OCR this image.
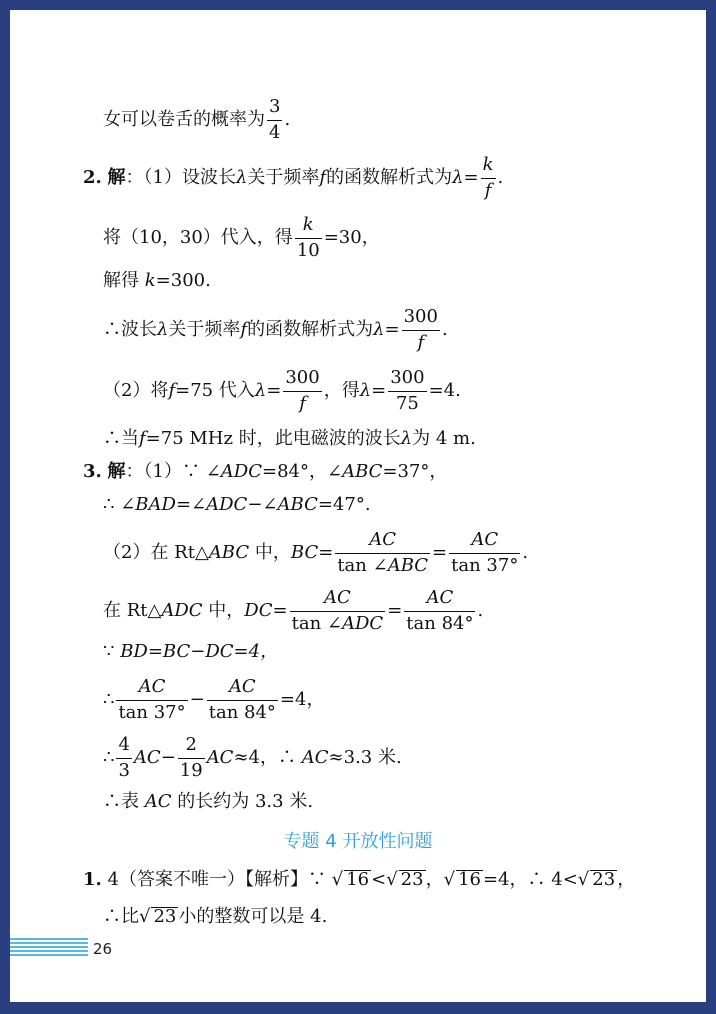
女可以卷舌的概率为 $\frac{3}{4}$ .
2. 解：（1）设波长λ关于频率f的函数解析式为$\lambda= \frac{k}{f}$ .
将（10，30）代入，得 $\frac{k}{10} =30$，
解得 k=300.
∴波长λ关于频率f的函数解析式为$\lambda= \frac{300}{f}$ .
（2）将f=75 代入$\lambda= \frac{300}{f}$ ，得$\lambda= \frac{300}{75} =4$.
∴当f=75 MHz 时，此电磁波的波长λ为 4 m.
3. 解：（1）∵ ∠ADC=84°，∠ABC=37°，
∴ ∠BAD=∠ADC−∠ABC=47°.
（2）在 Rt△ABC 中，$BC= \frac{AC}{\text{tan ∠ABC}} = \frac{AC}{\tan 37^\circ}$ .
在 Rt△ADC 中，$DC= \frac{AC}{\text{tan ∠ADC}} = \frac{AC}{\tan 84^\circ}$ .
∵ BD=BC−DC=4，
∴ $\frac{AC}{\tan 37^\circ} - \frac{AC}{\tan 84^\circ} =4$，
∴ $\frac{4}{3} AC- \frac{2}{19} AC\approx 4$，∴ AC≈3.3 米.
∴表 AC 的长约为 3.3 米.
专题 4 开放性问题
1. 4（答案不唯一）【解析】∵ √ 16 <√ 23 ，√ 16 =4，∴ 4<√ 23 ，
∴比√ 23 小的整数可以是 4.
26
